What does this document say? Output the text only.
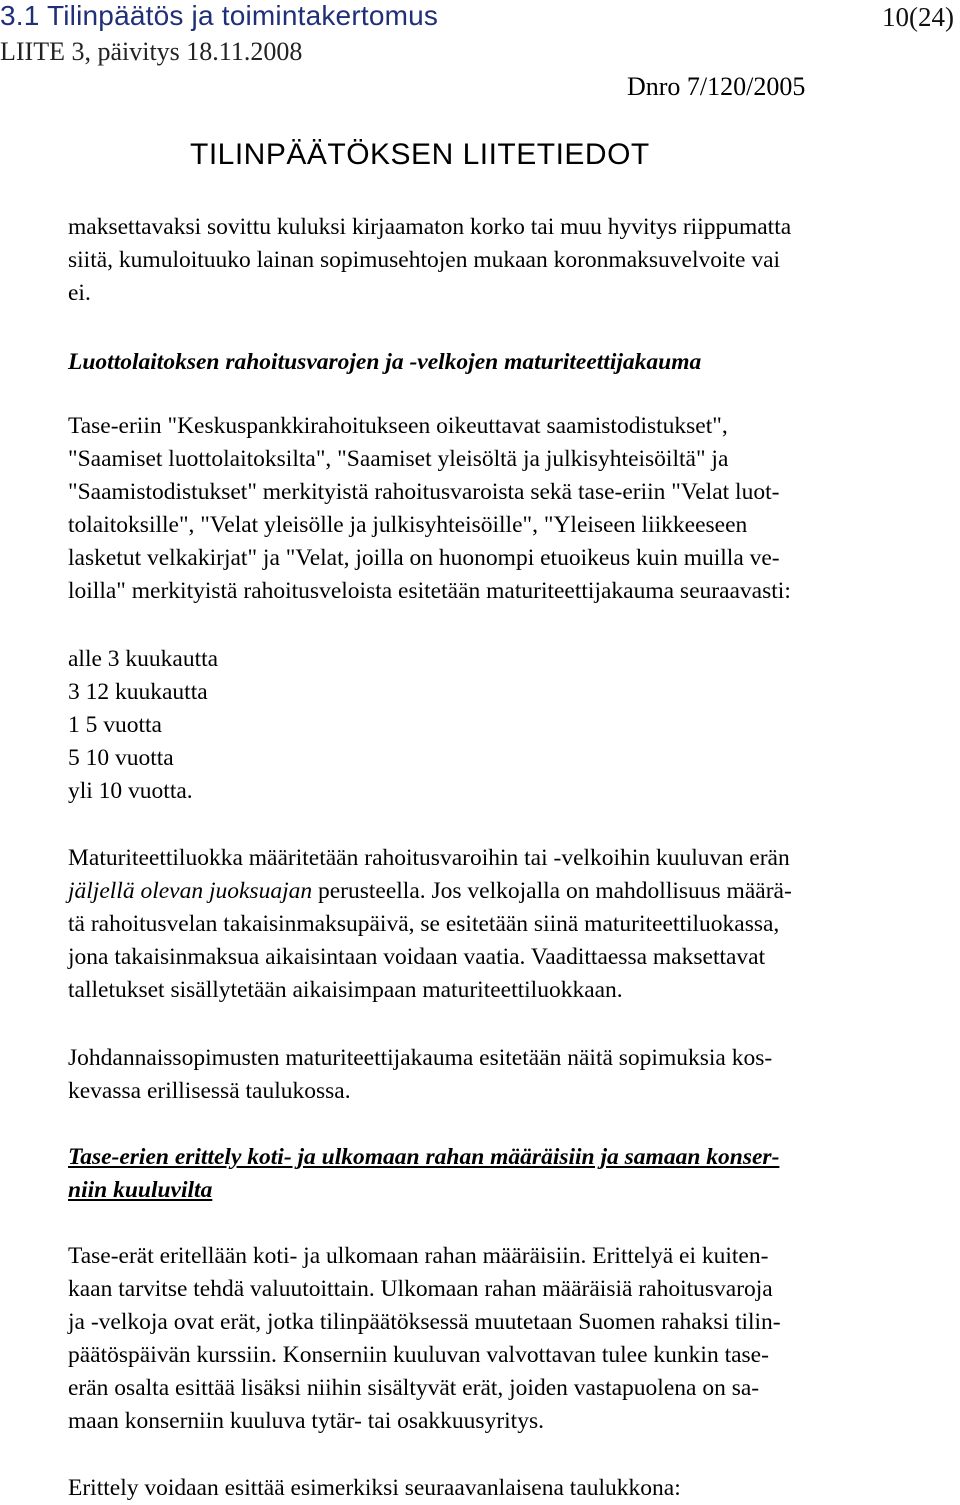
3.1 Tilinpäätös ja toimintakertomus
LIITE 3, päivitys 18.11.2008
10(24)
Dnro 7/120/2005
TILINPÄÄTÖKSEN LIITETIEDOT
maksettavaksi sovittu kuluksi kirjaamaton korko tai muu hyvitys riippumatta
siitä, kumuloituuko lainan sopimusehtojen mukaan koronmaksuvelvoite vai
ei.

Luottolaitoksen rahoitusvarojen ja -velkojen maturiteettijakauma

Tase-eriin "Keskuspankkirahoitukseen oikeuttavat saamistodistukset",
"Saamiset luottolaitoksilta", "Saamiset yleisöltä ja julkisyhteisöiltä" ja
"Saamistodistukset" merkityistä rahoitusvaroista sekä tase-eriin "Velat luot-
tolaitoksille", "Velat yleisölle ja julkisyhteisöille", "Yleiseen liikkeeseen
lasketut velkakirjat" ja "Velat, joilla on huonompi etuoikeus kuin muilla ve-
loilla" merkityistä rahoitusveloista esitetään maturiteettijakauma seuraavasti:
alle 3 kuukautta
3 12 kuukautta
1 5 vuotta
5 10 vuotta
yli 10 vuotta.
Maturiteettiluokka määritetään rahoitusvaroihin tai -velkoihin kuuluvan erän
jäljellä olevan juoksuajan perusteella. Jos velkojalla on mahdollisuus määrä-
tä rahoitusvelan takaisinmaksupäivä, se esitetään siinä maturiteettiluokassa,
jona takaisinmaksua aikaisintaan voidaan vaatia. Vaadittaessa maksettavat
talletukset sisällytetään aikaisimpaan maturiteettiluokkaan.
Johdannaissopimusten maturiteettijakauma esitetään näitä sopimuksia kos-
kevassa erillisessä taulukossa.

Tase-erien erittely koti- ja ulkomaan rahan määräisiin ja samaan konser-
niin kuuluvilta

Tase-erät eritellään koti- ja ulkomaan rahan määräisiin. Erittelyä ei kuiten-
kaan tarvitse tehdä valuutoittain. Ulkomaan rahan määräisiä rahoitusvaroja
ja -velkoja ovat erät, jotka tilinpäätöksessä muutetaan Suomen rahaksi tilin-
päätöspäivän kurssiin. Konserniin kuuluvan valvottavan tulee kunkin tase-
erän osalta esittää lisäksi niihin sisältyvät erät, joiden vastapuolena on sa-
maan konserniin kuuluva tytär- tai osakkuusyritys.
Erittely voidaan esittää esimerkiksi seuraavanlaisena taulukkona:
